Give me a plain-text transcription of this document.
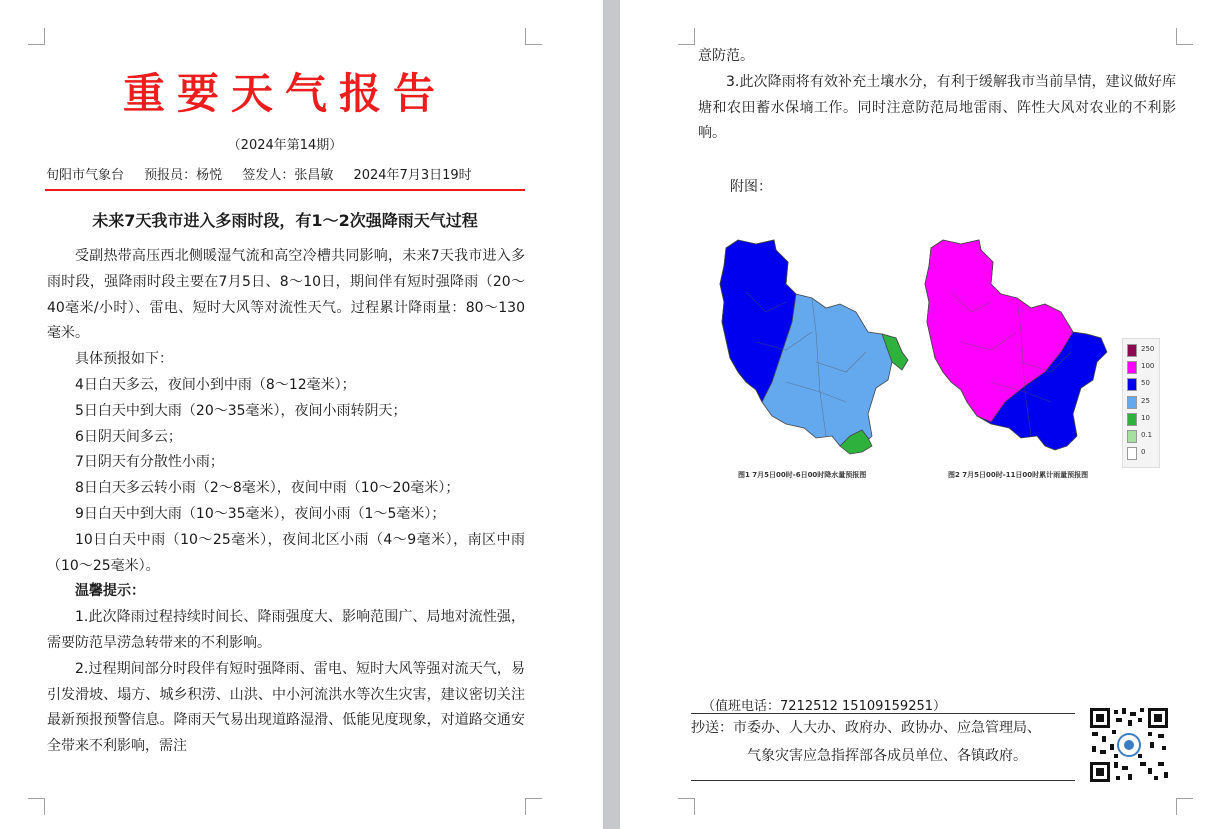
重要天气报告
（2024年第14期）
旬阳市气象台 预报员：杨悦 签发人：张昌敏 2024年7月3日19时
未来7天我市进入多雨时段，有1～2次强降雨天气过程

受副热带高压西北侧暖湿气流和高空冷槽共同影响，未来7天我市进入多雨时段，强降雨时段主要在7月5日、8～10日，期间伴有短时强降雨（20～40毫米/小时）、雷电、短时大风等对流性天气。过程累计降雨量：80～130毫米。

具体预报如下：

4日白天多云，夜间小到中雨（8～12毫米）；

5日白天中到大雨（20～35毫米），夜间小雨转阴天；

6日阴天间多云；

7日阴天有分散性小雨；

8日白天多云转小雨（2～8毫米），夜间中雨（10～20毫米）；

9日白天中到大雨（10～35毫米），夜间小雨（1～5毫米）；

10日白天中雨（10～25毫米），夜间北区小雨（4～9毫米），南区中雨（10～25毫米）。

温馨提示：

1.此次降雨过程持续时间长、降雨强度大、影响范围广、局地对流性强，需要防范旱涝急转带来的不利影响。

2.过程期间部分时段伴有短时强降雨、雷电、短时大风等强对流天气，易引发滑坡、塌方、城乡积涝、山洪、中小河流洪水等次生灾害，建议密切关注最新预报预警信息。降雨天气易出现道路湿滑、低能见度现象，对道路交通安全带来不利影响，需注

意防范。

3.此次降雨将有效补充土壤水分，有利于缓解我市当前旱情，建议做好库塘和农田蓄水保墒工作。同时注意防范局地雷雨、阵性大风对农业的不利影响。

附图：
图1 7月5日00时-6日00时降水量预报图	图2 7月5日00时-11日00时累计雨量预报图
250
100
50
25
10
0.1
0
（值班电话：7212512 15109159251）

抄送：市委办、人大办、政府办、政协办、应急管理局、

气象灾害应急指挥部各成员单位、各镇政府。
